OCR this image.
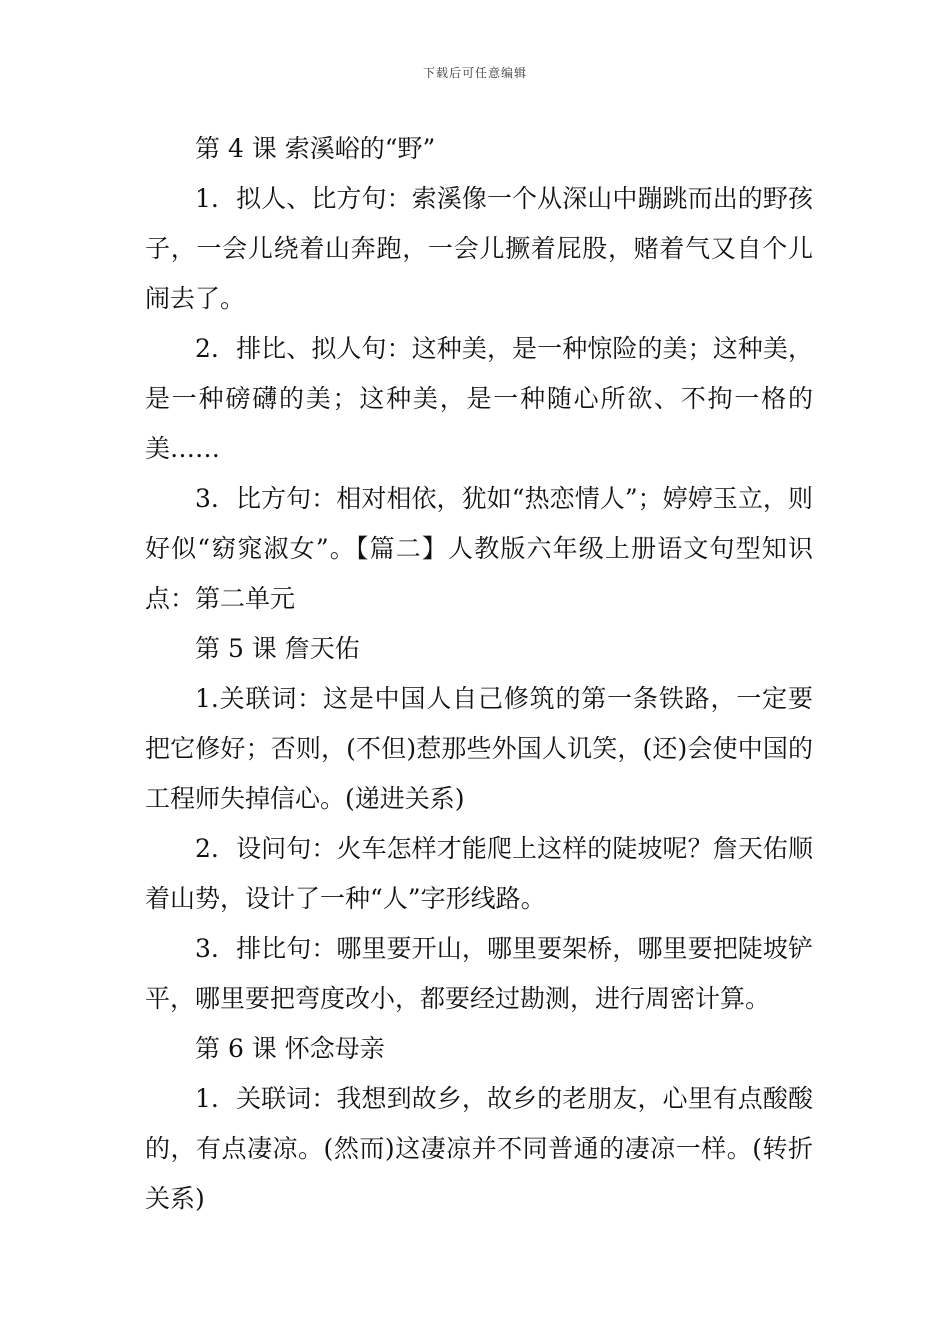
下载后可任意编辑

第 4 课 索溪峪的“野”

1．拟人、比方句：索溪像一个从深山中蹦跳而出的野孩子，一会儿绕着山奔跑，一会儿撅着屁股，赌着气又自个儿闹去了。

2．排比、拟人句：这种美，是一种惊险的美；这种美，是一种磅礴的美；这种美，是一种随心所欲、不拘一格的美……

3．比方句：相对相依，犹如“热恋情人”；婷婷玉立，则好似“窈窕淑女”。【篇二】人教版六年级上册语文句型知识点：第二单元

第 5 课 詹天佑

1.关联词：这是中国人自己修筑的第一条铁路，一定要把它修好；否则，(不但)惹那些外国人讥笑，(还)会使中国的工程师失掉信心。(递进关系)

2．设问句：火车怎样才能爬上这样的陡坡呢？詹天佑顺着山势，设计了一种“人”字形线路。

3．排比句：哪里要开山，哪里要架桥，哪里要把陡坡铲平，哪里要把弯度改小，都要经过勘测，进行周密计算。

第 6 课 怀念母亲

1．关联词：我想到故乡，故乡的老朋友，心里有点酸酸的，有点凄凉。(然而)这凄凉并不同普通的凄凉一样。(转折关系)
